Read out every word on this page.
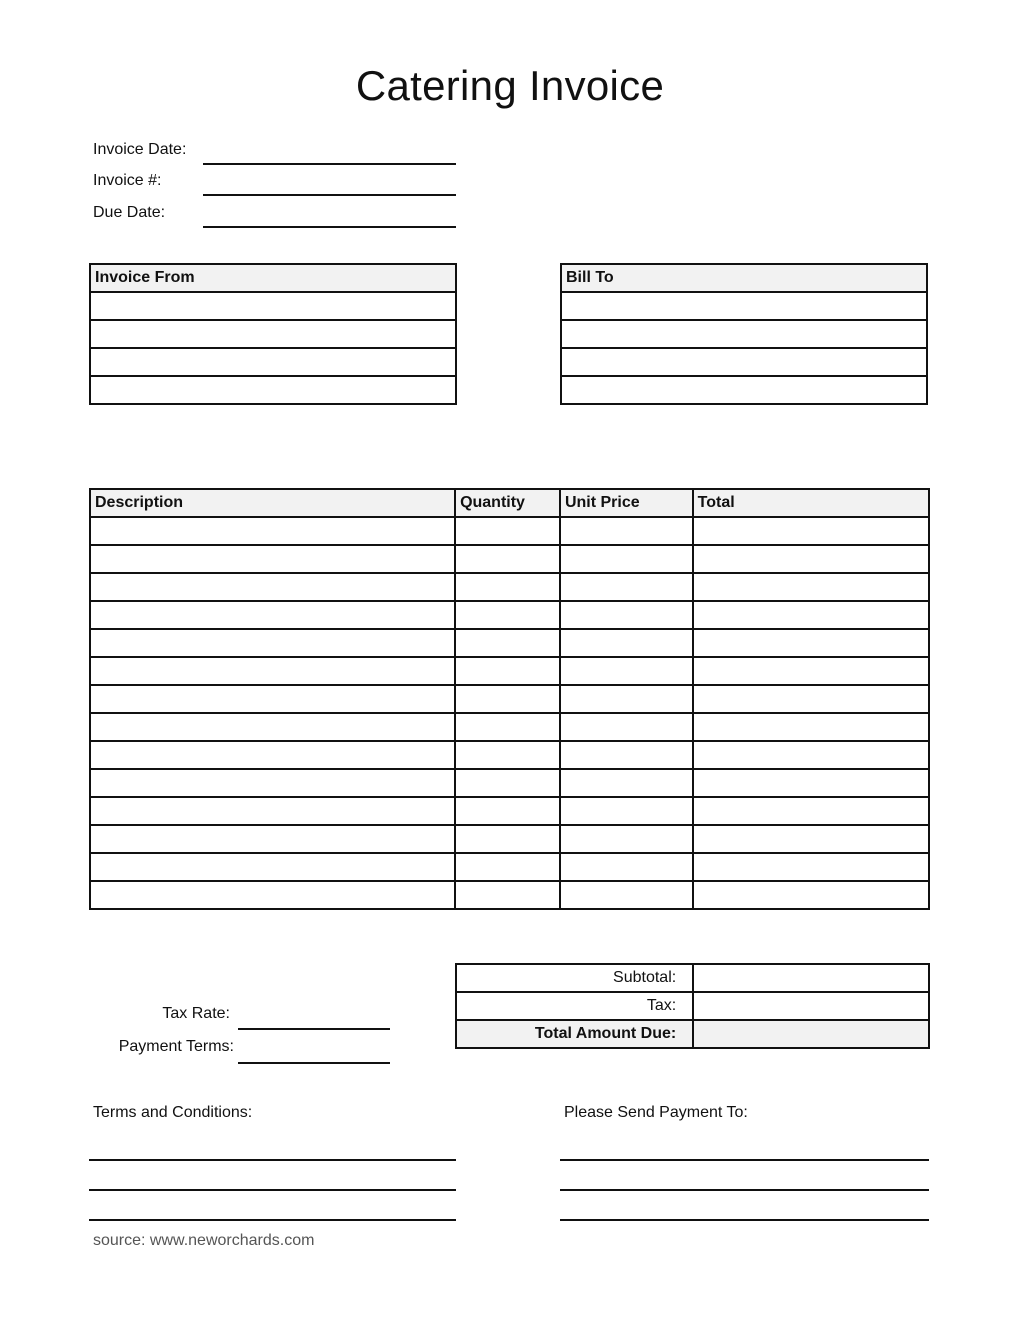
Catering Invoice
Invoice Date:
Invoice #:
Due Date:
Invoice From	Bill To

Description	Quantity	Unit Price	Total

Tax Rate:
Payment Terms:
Subtotal:	
Tax:	
Total Amount Due:	
Terms and Conditions:	Please Send Payment To:
source: www.neworchards.com
